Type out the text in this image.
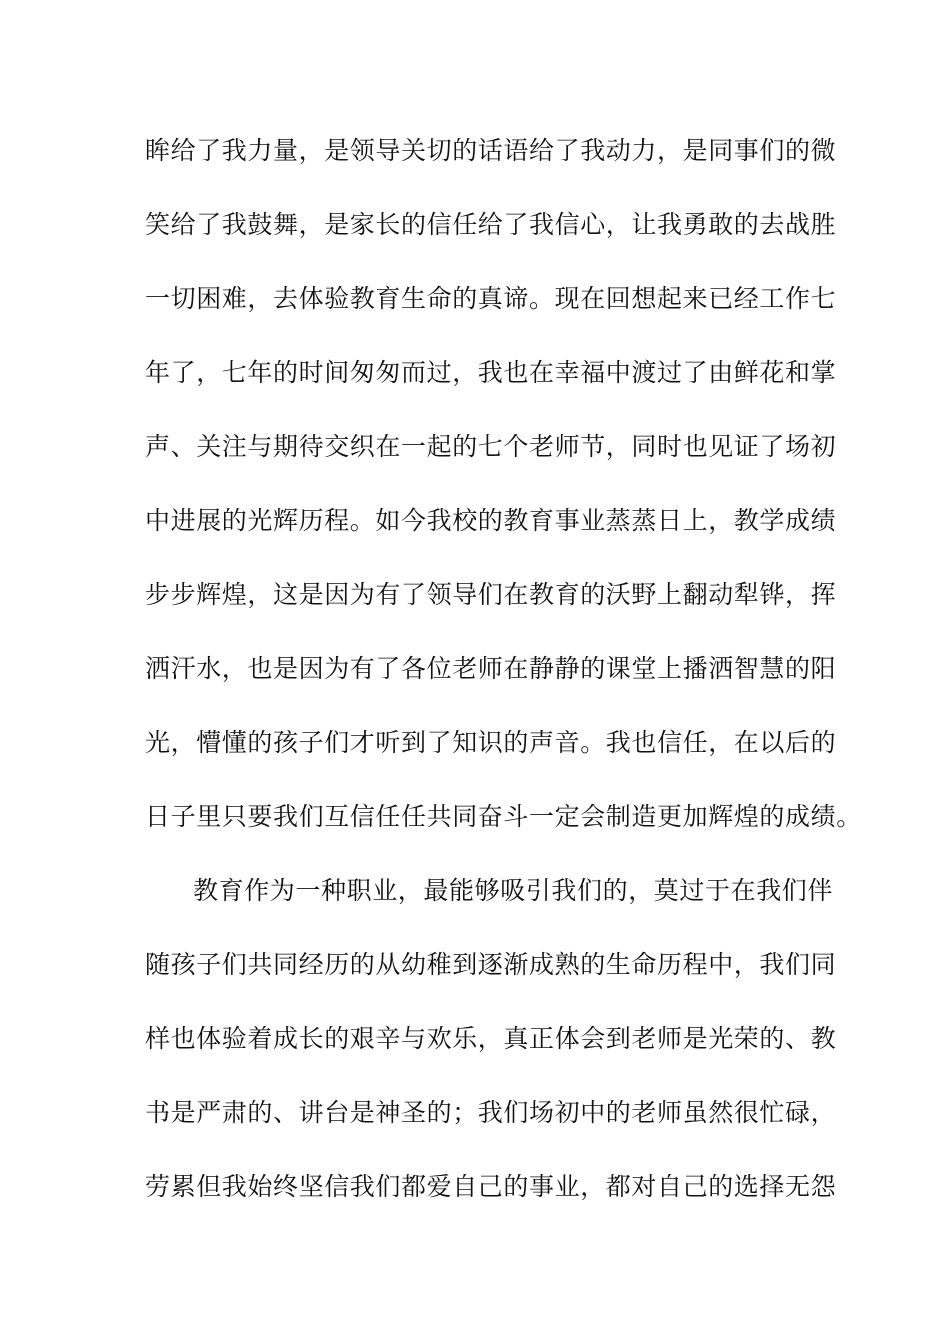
眸给了我力量，是领导关切的话语给了我动力，是同事们的微
笑给了我鼓舞，是家长的信任给了我信心，让我勇敢的去战胜
一切困难，去体验教育生命的真谛。现在回想起来已经工作七
年了，七年的时间匆匆而过，我也在幸福中渡过了由鲜花和掌
声、关注与期待交织在一起的七个老师节，同时也见证了场初
中进展的光辉历程。如今我校的教育事业蒸蒸日上，教学成绩
步步辉煌，这是因为有了领导们在教育的沃野上翻动犁铧，挥
洒汗水，也是因为有了各位老师在静静的课堂上播洒智慧的阳
光，懵懂的孩子们才听到了知识的声音。我也信任，在以后的
日子里只要我们互信任任共同奋斗一定会制造更加辉煌的成绩。
教育作为一种职业，最能够吸引我们的，莫过于在我们伴
随孩子们共同经历的从幼稚到逐渐成熟的生命历程中，我们同
样也体验着成长的艰辛与欢乐，真正体会到老师是光荣的、教
书是严肃的、讲台是神圣的；我们场初中的老师虽然很忙碌，
劳累但我始终坚信我们都爱自己的事业，都对自己的选择无怨
